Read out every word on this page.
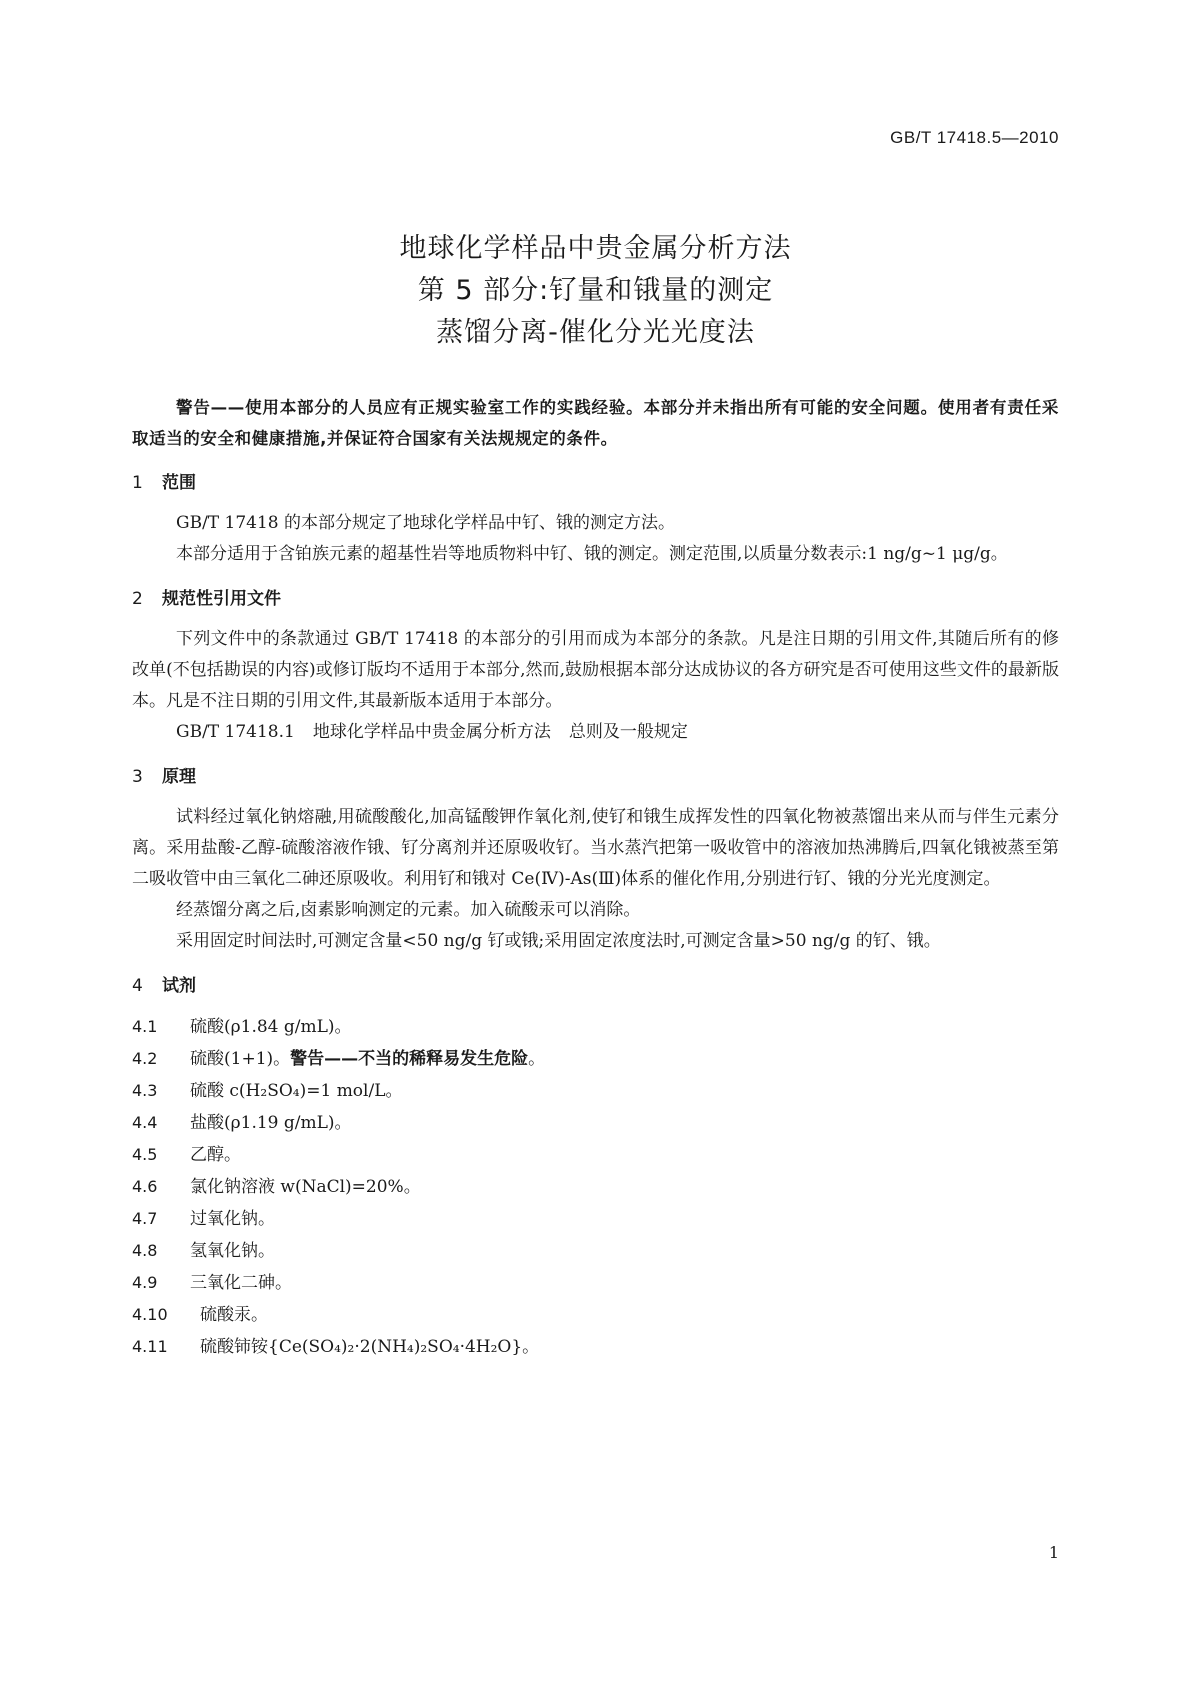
GB/T 17418.5—2010
地球化学样品中贵金属分析方法
第 5 部分:钌量和锇量的测定
蒸馏分离-催化分光光度法

警告——使用本部分的人员应有正规实验室工作的实践经验。本部分并未指出所有可能的安全问题。使用者有责任采取适当的安全和健康措施,并保证符合国家有关法规规定的条件。

1 范围

GB/T 17418 的本部分规定了地球化学样品中钌、锇的测定方法。

本部分适用于含铂族元素的超基性岩等地质物料中钌、锇的测定。测定范围,以质量分数表示:1 ng/g~1 μg/g。

2 规范性引用文件

下列文件中的条款通过 GB/T 17418 的本部分的引用而成为本部分的条款。凡是注日期的引用文件,其随后所有的修改单(不包括勘误的内容)或修订版均不适用于本部分,然而,鼓励根据本部分达成协议的各方研究是否可使用这些文件的最新版本。凡是不注日期的引用文件,其最新版本适用于本部分。

GB/T 17418.1 地球化学样品中贵金属分析方法 总则及一般规定

3 原理

试料经过氧化钠熔融,用硫酸酸化,加高锰酸钾作氧化剂,使钌和锇生成挥发性的四氧化物被蒸馏出来从而与伴生元素分离。采用盐酸-乙醇-硫酸溶液作锇、钌分离剂并还原吸收钌。当水蒸汽把第一吸收管中的溶液加热沸腾后,四氧化锇被蒸至第二吸收管中由三氧化二砷还原吸收。利用钌和锇对 Ce(Ⅳ)-As(Ⅲ)体系的催化作用,分别进行钌、锇的分光光度测定。

经蒸馏分离之后,卤素影响测定的元素。加入硫酸汞可以消除。

采用固定时间法时,可测定含量<50 ng/g 钌或锇;采用固定浓度法时,可测定含量>50 ng/g 的钌、锇。

4 试剂

4.1 硫酸(ρ1.84 g/mL)。

4.2 硫酸(1+1)。警告——不当的稀释易发生危险。

4.3 硫酸 c(H₂SO₄)=1 mol/L。

4.4 盐酸(ρ1.19 g/mL)。

4.5 乙醇。

4.6 氯化钠溶液 w(NaCl)=20%。

4.7 过氧化钠。

4.8 氢氧化钠。

4.9 三氧化二砷。

4.10 硫酸汞。

4.11 硫酸铈铵{Ce(SO₄)₂·2(NH₄)₂SO₄·4H₂O}。

1
